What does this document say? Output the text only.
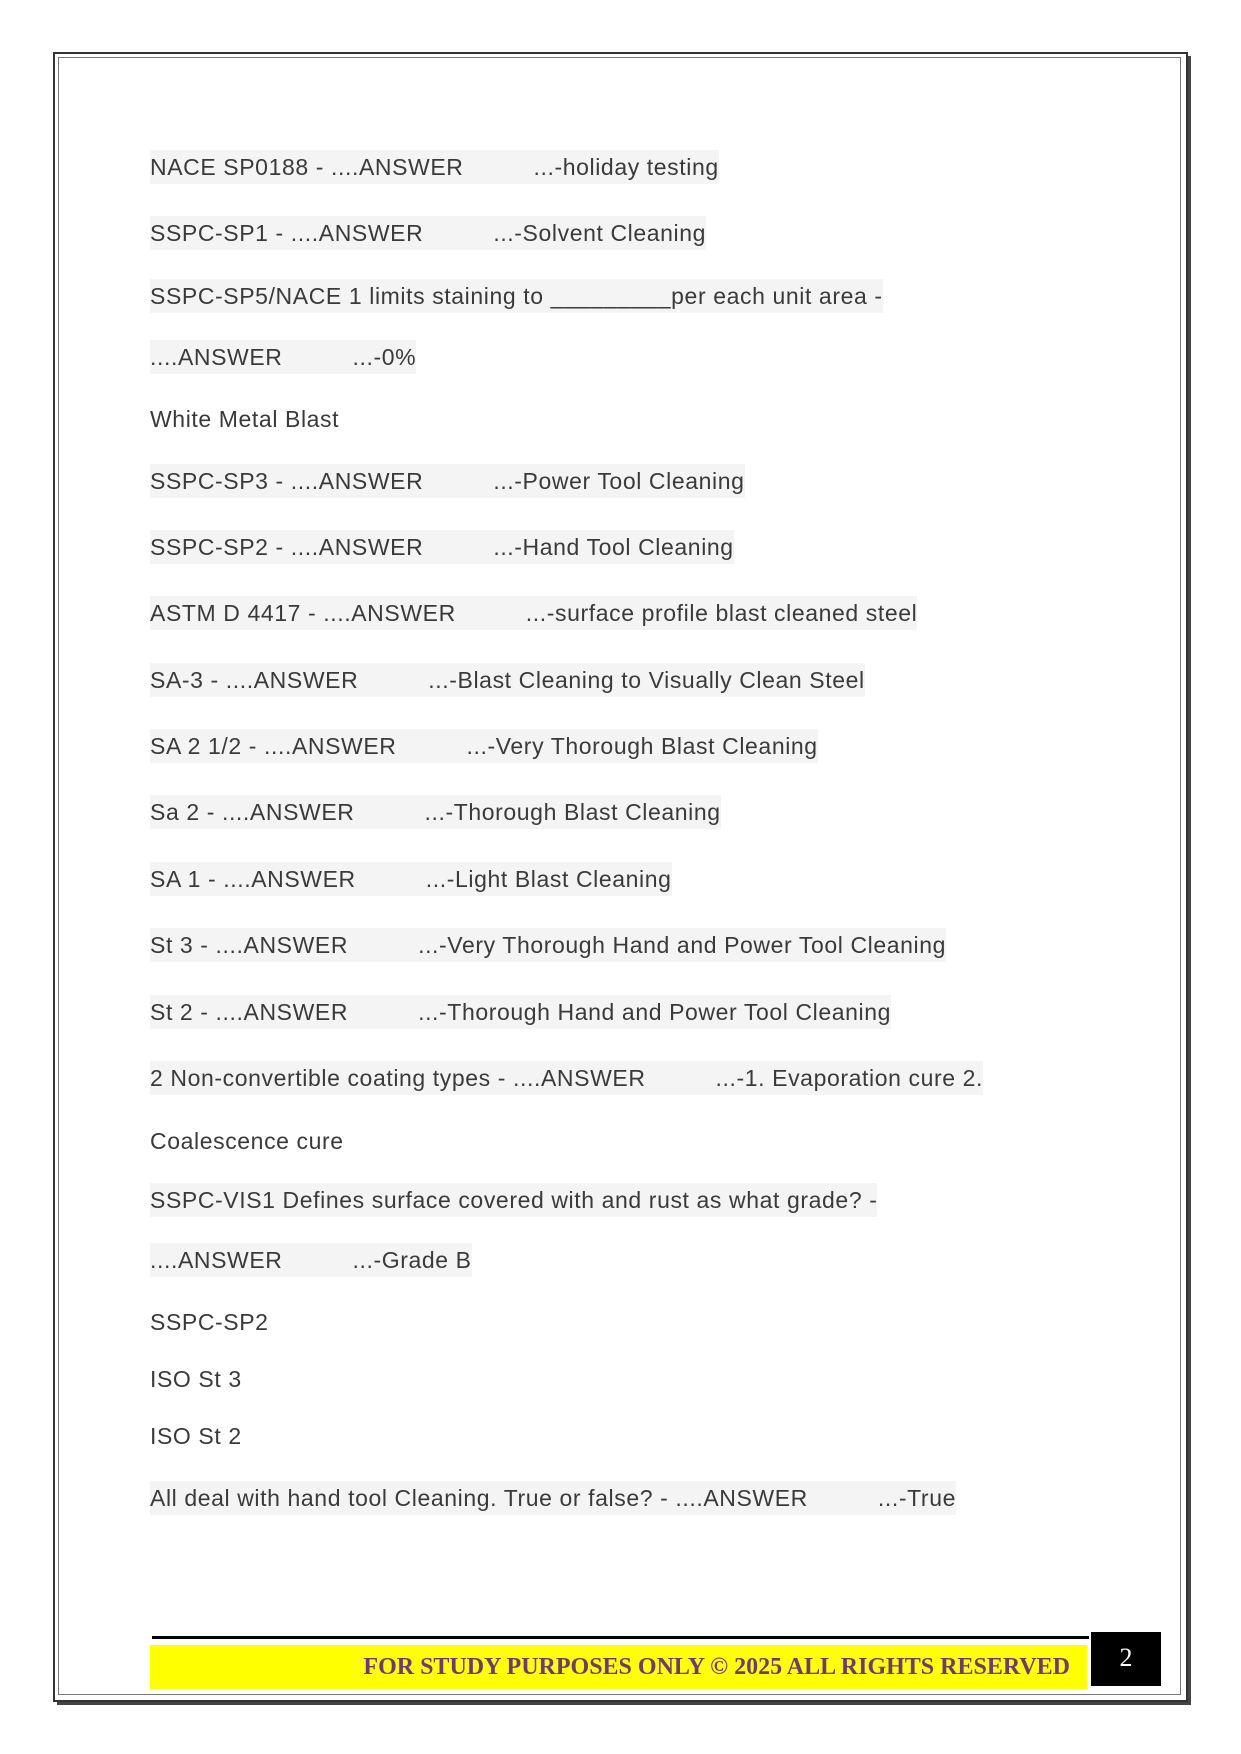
NACE SP0188 - ....ANSWER	...-holiday testing
SSPC-SP1 - ....ANSWER	...-Solvent Cleaning
SSPC-SP5/NACE 1 limits staining to _________per each unit area -
....ANSWER	...-0%
White Metal Blast
SSPC-SP3 - ....ANSWER	...-Power Tool Cleaning
SSPC-SP2 - ....ANSWER	...-Hand Tool Cleaning
ASTM D 4417 - ....ANSWER	...-surface profile blast cleaned steel
SA-3 - ....ANSWER	...-Blast Cleaning to Visually Clean Steel
SA 2 1/2 - ....ANSWER	...-Very Thorough Blast Cleaning
Sa 2 - ....ANSWER	...-Thorough Blast Cleaning
SA 1 - ....ANSWER	...-Light Blast Cleaning
St 3 - ....ANSWER	...-Very Thorough Hand and Power Tool Cleaning
St 2 - ....ANSWER	...-Thorough Hand and Power Tool Cleaning
2 Non-convertible coating types - ....ANSWER	...-1. Evaporation cure 2.
Coalescence cure
SSPC-VIS1 Defines surface covered with and rust as what grade? -
....ANSWER	...-Grade B
SSPC-SP2
ISO St 3
ISO St 2
All deal with hand tool Cleaning. True or false? - ....ANSWER	...-True
FOR STUDY PURPOSES ONLY © 2025 ALL RIGHTS RESERVED	2
